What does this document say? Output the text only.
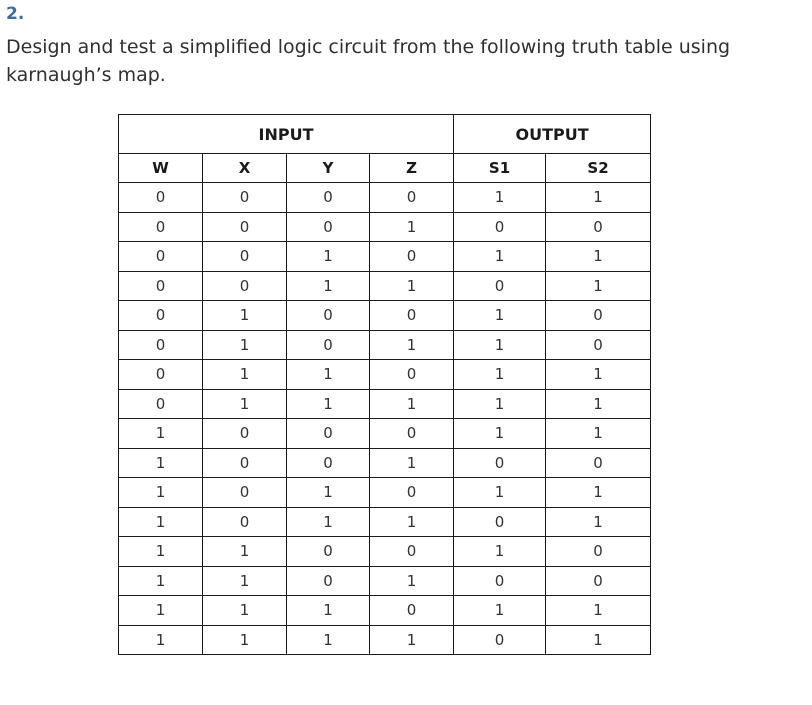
2.
Design and test a simplified logic circuit from the following truth table using karnaugh’s map.
INPUT				OUTPUT	
W	X	Y	Z	S1	S2
0	0	0	0	1	1
0	0	0	1	0	0
0	0	1	0	1	1
0	0	1	1	0	1
0	1	0	0	1	0
0	1	0	1	1	0
0	1	1	0	1	1
0	1	1	1	1	1
1	0	0	0	1	1
1	0	0	1	0	0
1	0	1	0	1	1
1	0	1	1	0	1
1	1	0	0	1	0
1	1	0	1	0	0
1	1	1	0	1	1
1	1	1	1	0	1
